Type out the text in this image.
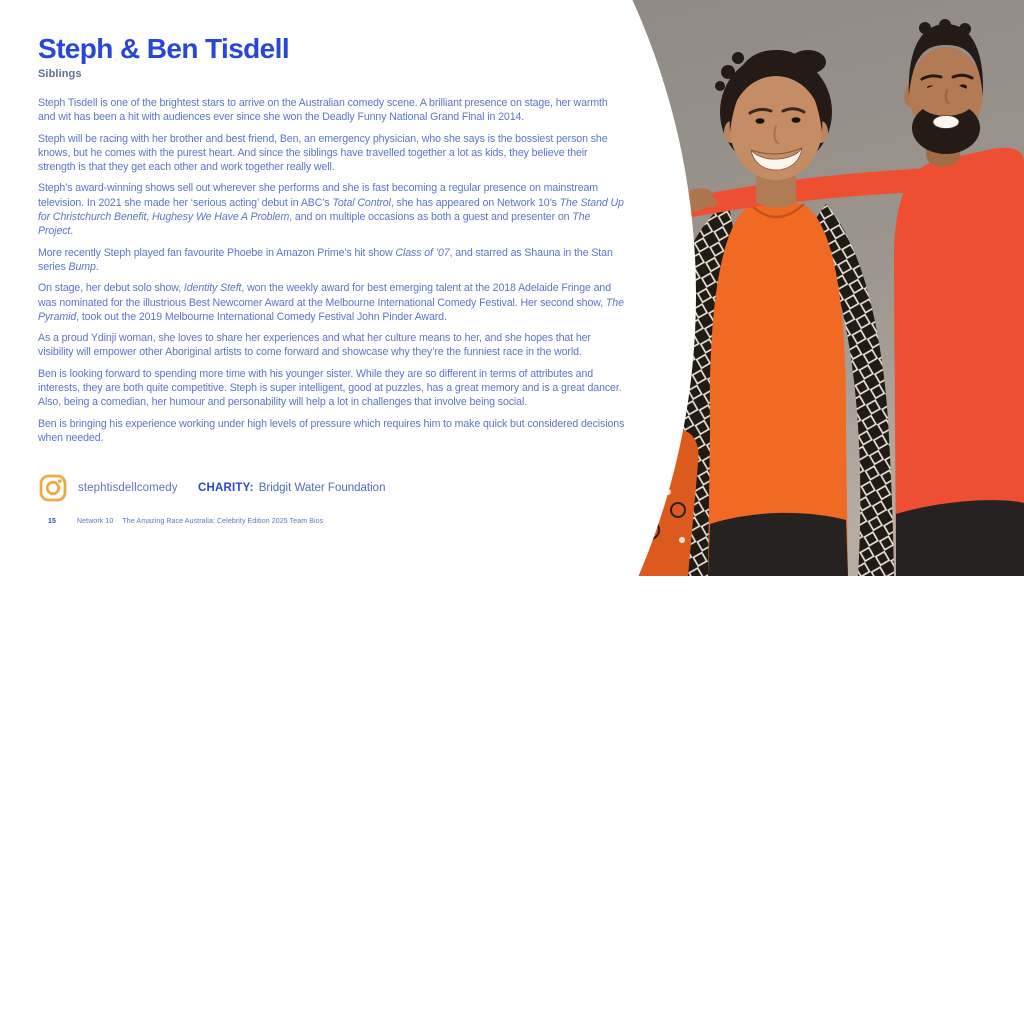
Steph & Ben Tisdell
Siblings

Steph Tisdell is one of the brightest stars to arrive on the Australian comedy scene. A brilliant presence on stage, her warmth and wit has been a hit with audiences ever since she won the Deadly Funny National Grand Final in 2014.

Steph will be racing with her brother and best friend, Ben, an emergency physician, who she says is the bossiest person she knows, but he comes with the purest heart. And since the siblings have travelled together a lot as kids, they believe their strength is that they get each other and work together really well.

Steph’s award-winning shows sell out wherever she performs and she is fast becoming a regular presence on mainstream television. In 2021 she made her ‘serious acting’ debut in ABC’s Total Control, she has appeared on Network 10’s The Stand Up for Christchurch Benefit, Hughesy We Have A Problem, and on multiple occasions as both a guest and presenter on The Project.

More recently Steph played fan favourite Phoebe in Amazon Prime’s hit show Class of ’07, and starred as Shauna in the Stan series Bump.

On stage, her debut solo show, Identity Steft, won the weekly award for best emerging talent at the 2018 Adelaide Fringe and was nominated for the illustrious Best Newcomer Award at the Melbourne International Comedy Festival. Her second show, The Pyramid, took out the 2019 Melbourne International Comedy Festival John Pinder Award.

As a proud Ydinji woman, she loves to share her experiences and what her culture means to her, and she hopes that her visibility will empower other Aboriginal artists to come forward and showcase why they’re the funniest race in the world.

Ben is looking forward to spending more time with his younger sister. While they are so different in terms of attributes and interests, they are both quite competitive. Steph is super intelligent, good at puzzles, has a great memory and is a great dancer. Also, being a comedian, her humour and personability will help a lot in challenges that involve being social.

Ben is bringing his experience working under high levels of pressure which requires him to make quick but considered decisions when needed.

stephtisdellcomedy CHARITY: Bridgit Water Foundation
15	Network 10 The Amazing Race Australia: Celebrity Edition 2025 Team Bios
